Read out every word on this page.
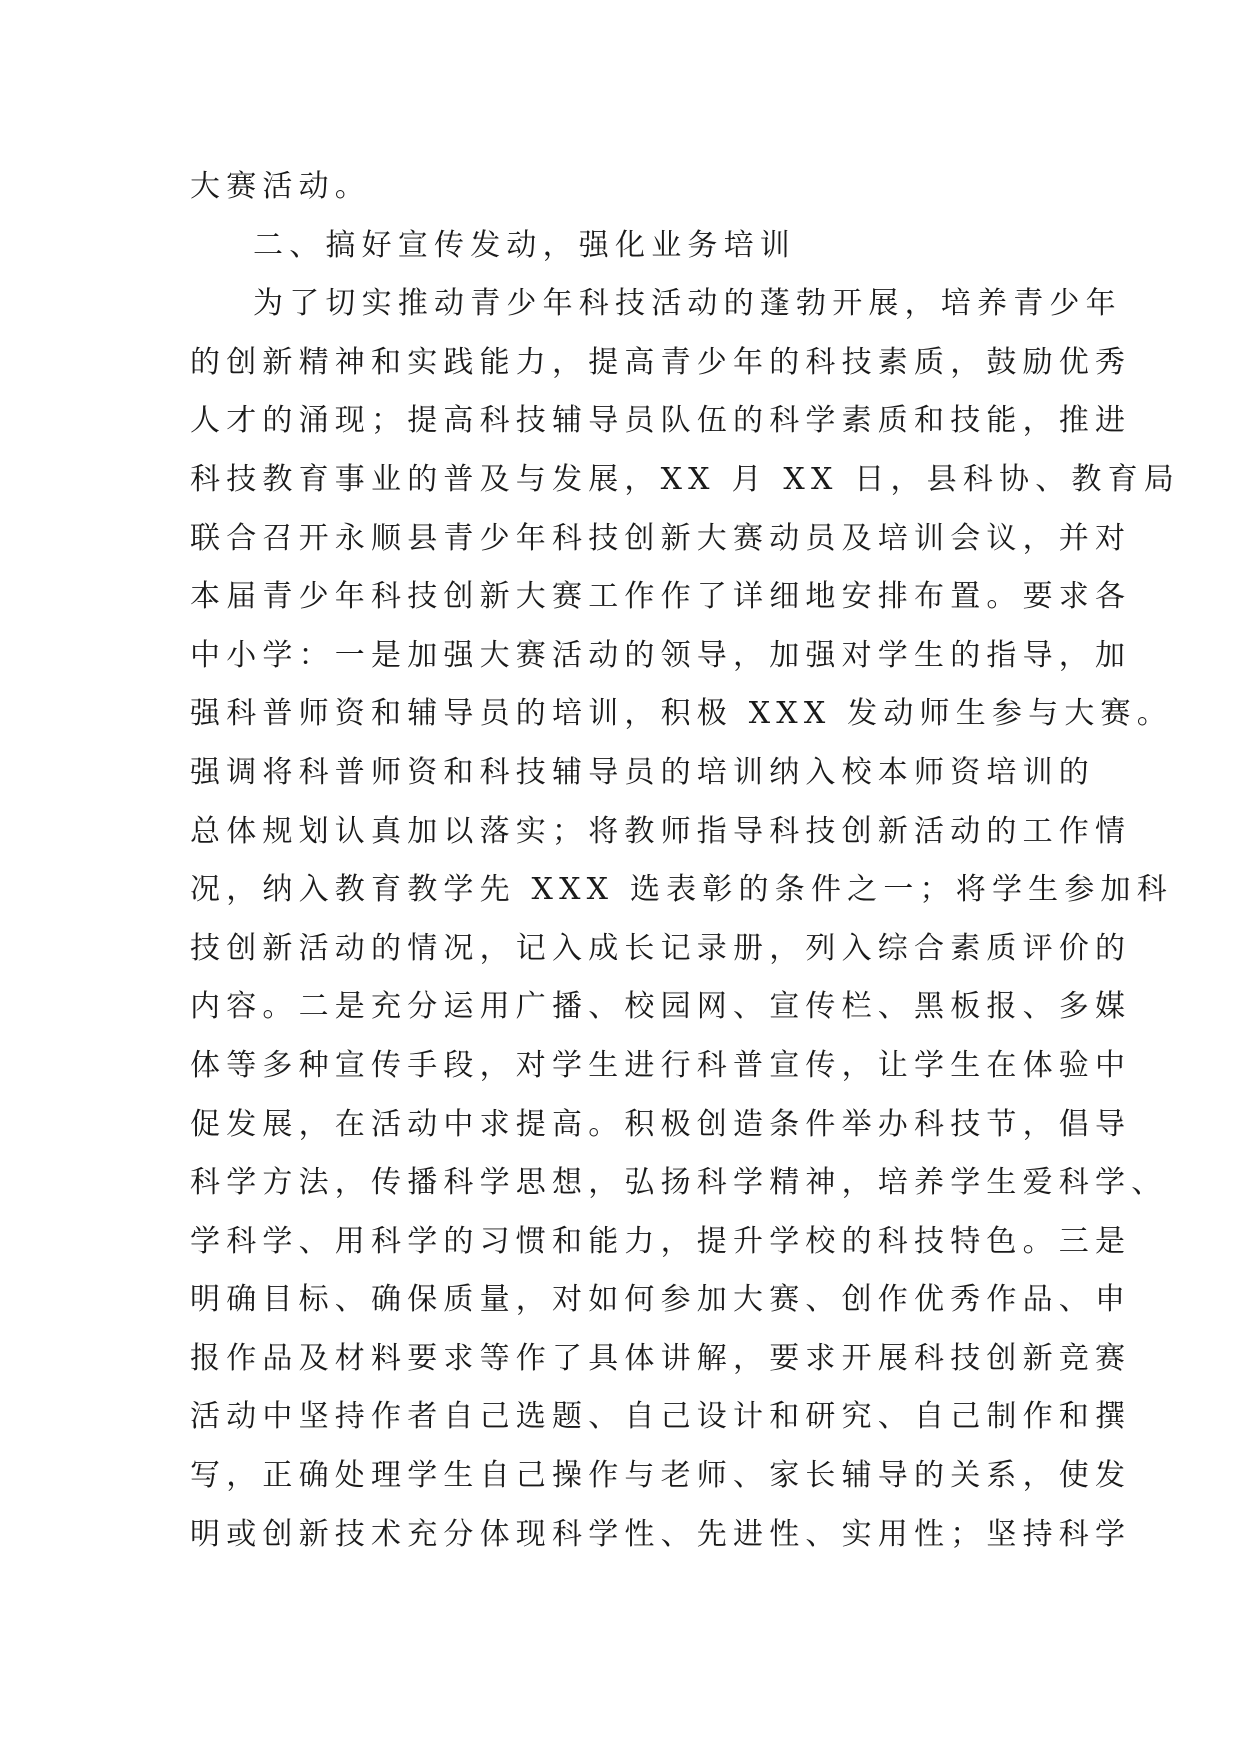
大赛活动。
二、搞好宣传发动，强化业务培训
为了切实推动青少年科技活动的蓬勃开展，培养青少年
的创新精神和实践能力，提高青少年的科技素质，鼓励优秀
人才的涌现；提高科技辅导员队伍的科学素质和技能，推进
科技教育事业的普及与发展，XX 月 XX 日，县科协、教育局
联合召开永顺县青少年科技创新大赛动员及培训会议，并对
本届青少年科技创新大赛工作作了详细地安排布置。要求各
中小学：一是加强大赛活动的领导，加强对学生的指导，加
强科普师资和辅导员的培训，积极 XXX 发动师生参与大赛。
强调将科普师资和科技辅导员的培训纳入校本师资培训的
总体规划认真加以落实；将教师指导科技创新活动的工作情
况，纳入教育教学先 XXX 选表彰的条件之一；将学生参加科
技创新活动的情况，记入成长记录册，列入综合素质评价的
内容。二是充分运用广播、校园网、宣传栏、黑板报、多媒
体等多种宣传手段，对学生进行科普宣传，让学生在体验中
促发展，在活动中求提高。积极创造条件举办科技节，倡导
科学方法，传播科学思想，弘扬科学精神，培养学生爱科学、
学科学、用科学的习惯和能力，提升学校的科技特色。三是
明确目标、确保质量，对如何参加大赛、创作优秀作品、申
报作品及材料要求等作了具体讲解，要求开展科技创新竞赛
活动中坚持作者自己选题、自己设计和研究、自己制作和撰
写，正确处理学生自己操作与老师、家长辅导的关系，使发
明或创新技术充分体现科学性、先进性、实用性；坚持科学
